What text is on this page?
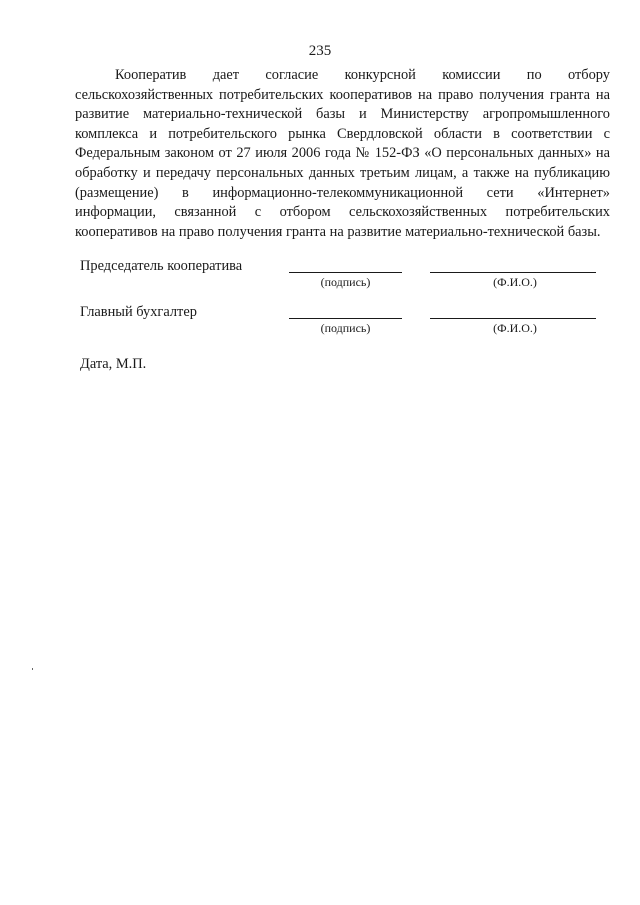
235

Кооператив дает согласие конкурсной комиссии по отбору сельскохозяйственных потребительских кооперативов на право получения гранта на развитие материально-технической базы и Министерству агропромышленного комплекса и потребительского рынка Свердловской области в соответствии с Федеральным законом от 27 июля 2006 года № 152-ФЗ «О персональных данных» на обработку и передачу персональных данных третьим лицам, а также на публикацию (размещение) в информационно-телекоммуникационной сети «Интернет» информации, связанной с отбором сельскохозяйственных потребительских кооперативов на право получения гранта на развитие материально-технической базы.

Председатель кооператива
(подпись)	(Ф.И.О.)
Главный бухгалтер
(подпись)	(Ф.И.О.)
Дата, М.П.
